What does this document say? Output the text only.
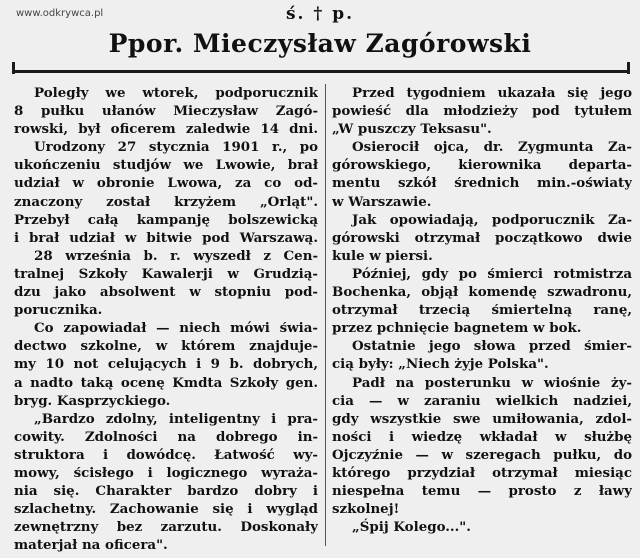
www.odkrywca.pl	ś. † p.
Ppor. Mieczysław Zagórowski
Poległy we wtorek, podporucznik
8 pułku ułanów Mieczysław Zagó-
rowski, był oficerem zaledwie 14 dni.
Urodzony 27 stycznia 1901 r., po
ukończeniu studjów we Lwowie, brał
udział w obronie Lwowa, za co od-
znaczony został krzyżem „Orląt".
Przebył całą kampanję bolszewicką
i brał udział w bitwie pod Warszawą.
28 września b. r. wyszedł z Cen-
tralnej Szkoły Kawalerji w Grudzią-
dzu jako absolwent w stopniu pod-
porucznika.
Co zapowiadał — niech mówi świa-
dectwo szkolne, w którem znajduje-
my 10 not celujących i 9 b. dobrych,
a nadto taką ocenę Kmdta Szkoły gen.
bryg. Kasprzyckiego.
„Bardzo zdolny, inteligentny i pra-
cowity. Zdolności na dobrego in-
struktora i dowódcę. Łatwość wy-
mowy, ścisłego i logicznego wyraża-
nia się. Charakter bardzo dobry i
szlachetny. Zachowanie się i wygląd
zewnętrzny bez zarzutu. Doskonały
materjał na oficera".
Przed tygodniem ukazała się jego
powieść dla młodzieży pod tytułem
„W puszczy Teksasu".
Osierocił ojca, dr. Zygmunta Za-
górowskiego, kierownika departa-
mentu szkół średnich min.-oświaty
w Warszawie.
Jak opowiadają, podporucznik Za-
górowski otrzymał początkowo dwie
kule w piersi.
Później, gdy po śmierci rotmistrza
Bochenka, objął komendę szwadronu,
otrzymał trzecią śmiertelną ranę,
przez pchnięcie bagnetem w bok.
Ostatnie jego słowa przed śmier-
cią były: „Niech żyje Polska".
Padł na posterunku w wiośnie ży-
cia — w zaraniu wielkich nadziei,
gdy wszystkie swe umiłowania, zdol-
ności i wiedzę wkładał w służbę
Ojczyźnie — w szeregach pułku, do
którego przydział otrzymał miesiąc
niespełna temu — prosto z ławy
szkolnej!
„Śpij Kolego...".
